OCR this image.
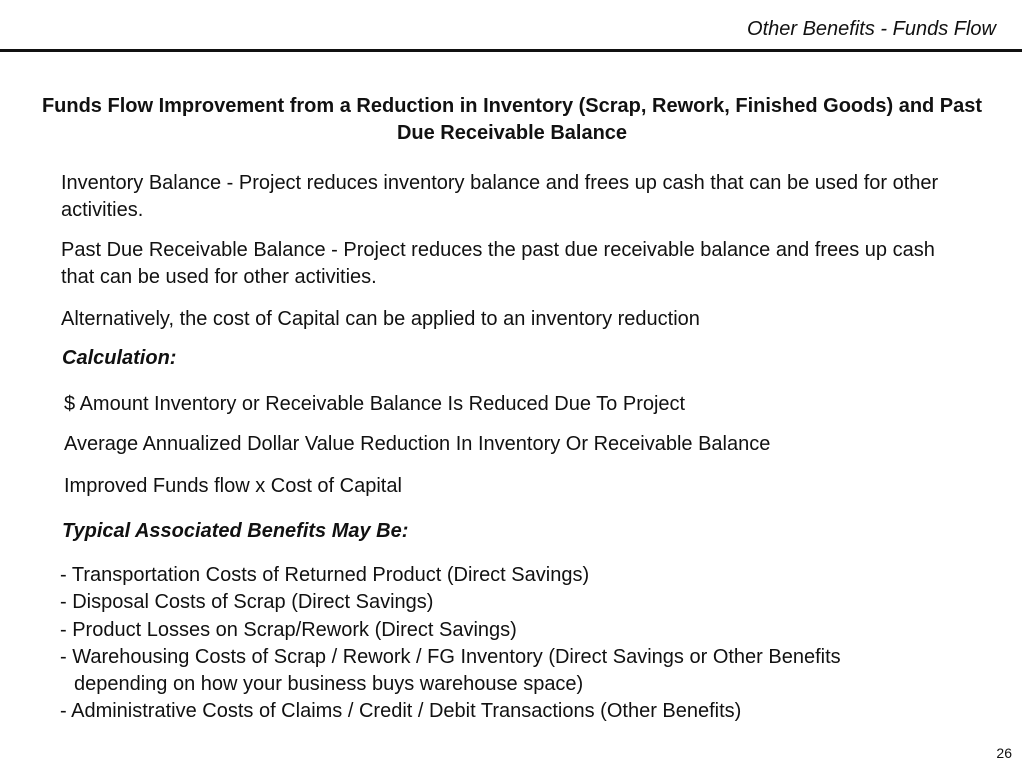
Other Benefits - Funds Flow
Funds Flow Improvement from a Reduction in Inventory (Scrap, Rework, Finished Goods) and Past Due Receivable Balance
Inventory Balance - Project reduces inventory balance and frees up cash that can be used for other activities.
Past Due Receivable Balance - Project reduces the past due receivable balance and frees up cash that can be used for other activities.
Alternatively, the cost of Capital can be applied to an inventory reduction
Calculation:
$ Amount Inventory or Receivable Balance Is Reduced Due To Project
Average Annualized Dollar Value Reduction In Inventory Or Receivable Balance
Improved Funds flow x Cost of Capital
Typical Associated Benefits May Be:
- Transportation Costs of Returned Product (Direct Savings)
- Disposal Costs of Scrap (Direct Savings)
- Product Losses on Scrap/Rework (Direct Savings)
- Warehousing Costs of Scrap / Rework / FG Inventory (Direct Savings or Other Benefits
depending on how your business buys warehouse space)
- Administrative Costs of Claims / Credit / Debit Transactions (Other Benefits)
26
